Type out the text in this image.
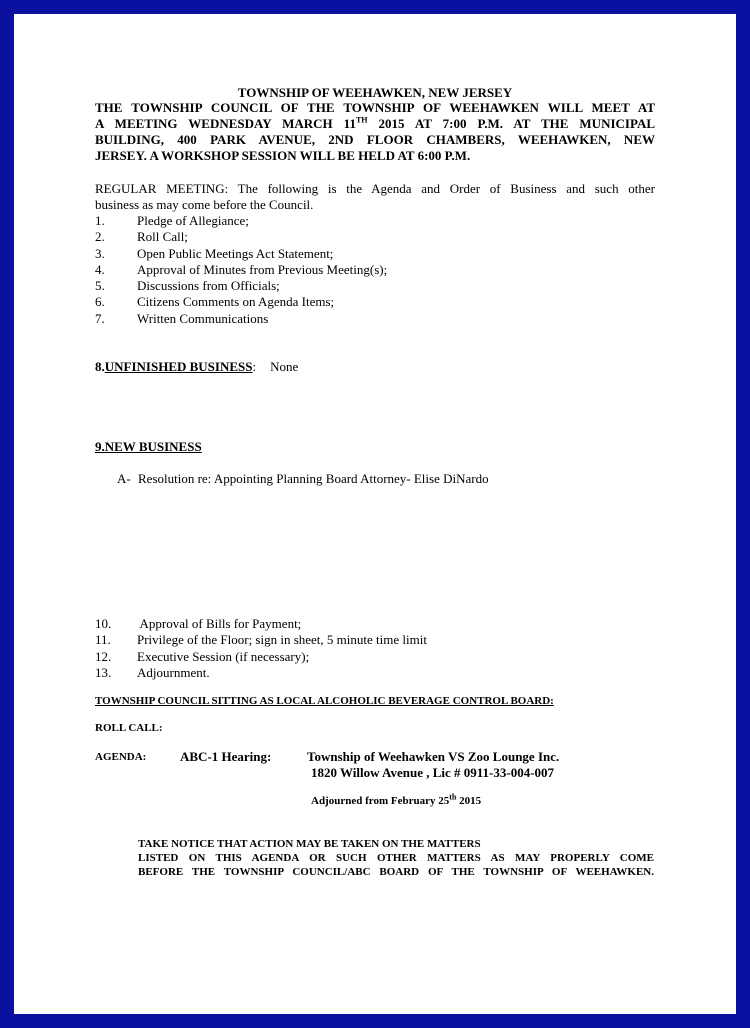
TOWNSHIP OF WEEHAWKEN, NEW JERSEY
THE TOWNSHIP COUNCIL OF THE TOWNSHIP OF WEEHAWKEN WILL MEET AT
A MEETING WEDNESDAY MARCH 11TH 2015 AT 7:00 P.M. AT THE MUNICIPAL
BUILDING, 400 PARK AVENUE, 2ND FLOOR CHAMBERS, WEEHAWKEN, NEW
JERSEY. A WORKSHOP SESSION WILL BE HELD AT 6:00 P.M.
REGULAR MEETING: The following is the Agenda and Order of Business and such other
business as may come before the Council.
1. Pledge of Allegiance;
2. Roll Call;
3. Open Public Meetings Act Statement;
4. Approval of Minutes from Previous Meeting(s);
5. Discussions from Officials;
6. Citizens Comments on Agenda Items;
7. Written Communications
8.UNFINISHED BUSINESS: None
9.NEW BUSINESS
A- Resolution re: Appointing Planning Board Attorney- Elise DiNardo
10. Approval of Bills for Payment;
11. Privilege of the Floor; sign in sheet, 5 minute time limit
12. Executive Session (if necessary);
13. Adjournment.
TOWNSHIP COUNCIL SITTING AS LOCAL ALCOHOLIC BEVERAGE CONTROL BOARD:
ROLL CALL:
AGENDA:	ABC-1 Hearing:	Township of Weehawken VS Zoo Lounge Inc.
1820 Willow Avenue , Lic # 0911-33-004-007
Adjourned from February 25th 2015
TAKE NOTICE THAT ACTION MAY BE TAKEN ON THE MATTERS
LISTED ON THIS AGENDA OR SUCH OTHER MATTERS AS MAY PROPERLY COME
BEFORE THE TOWNSHIP COUNCIL/ABC BOARD OF THE TOWNSHIP OF WEEHAWKEN.
